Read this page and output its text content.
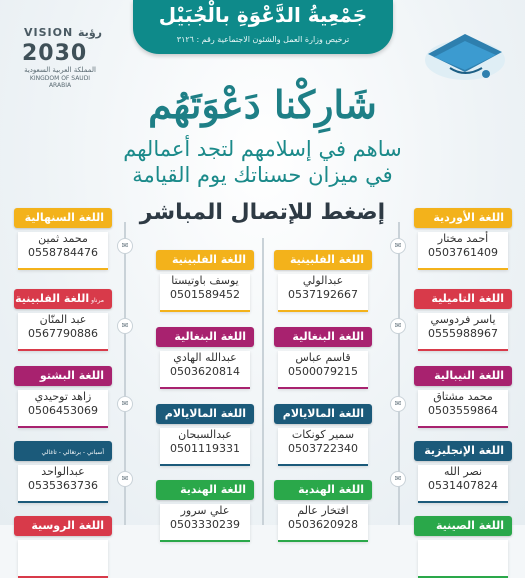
جَمْعِيةُ الدَّعْوَةِ بالْجُبَيْل
ترخيص وزارة العمل والشئون الاجتماعية رقم : ٣١٢٦
VISION رؤية
2030
المملكة العربية السعودية
KINGDOM OF SAUDI ARABIA	شَارِكْنا دَعْوَتَهُم
ساهم في إسلامهم لتجد أعمالهم
في ميزان حسناتك يوم القيامة
إضغط للإتصال المباشر	اللغة الأوردية
أحمد مختار
0503761409
✉
اللغة السنهالية
محمد ثمين
0558784476
✉
اللغة الفلبينية
عبدالولي
0537192667
اللغة الفلبينية
يوسف باوتيستا
0501589452	اللغة التاميلية
ياسر فردوسي
0555988967
✉
مرناو اللغة الفلبينية
عبد المنّان
0567790886
✉
اللغة البنغالية
قاسم عباس
0500079215
اللغة البنغالية
عبدالله الهادي
0503620814	اللغة النيبالية
محمد مشتاق
0503559864
✉
اللغة البشتو
زاهد توحيدي
0506453069
✉
اللغة المالايالام
سمير كونكات
0503722340
اللغة المالايالام
عبدالسبحان
0501119331	اللغة الإنجليزية
نصر الله
0531407824
✉
أسباني - برتغالي - تاغالي
عبدالواحد
0535363736
✉
اللغة الهندية
افتخار عالم
0503620928
اللغة الهندية
علي سرور
0503330239	اللغة الصينية
اللغة الروسية
